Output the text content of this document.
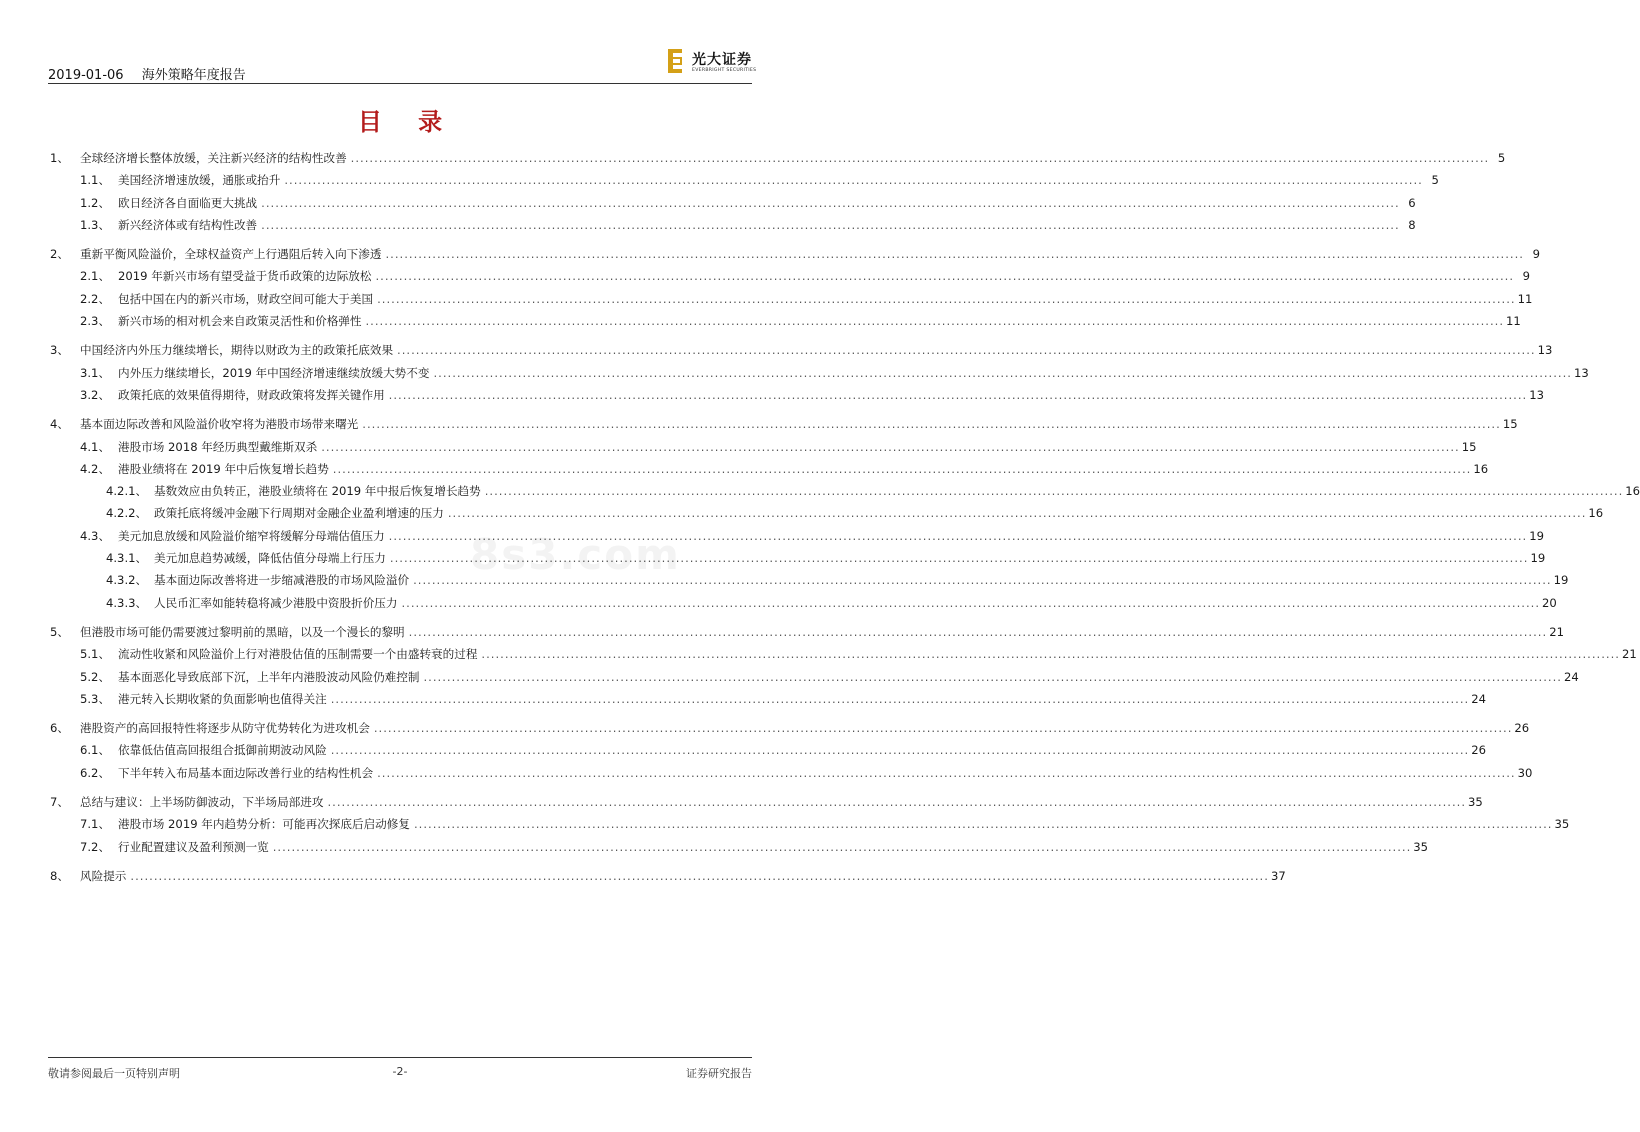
2019-01-06 海外策略年度报告
光大证券
EVERBRIGHT SECURITIES
目 录
8s3.com
1、 全球经济增长整体放缓，关注新兴经济的结构性改善 .....	5
1.1、 美国经济增速放缓，通胀或抬升 .....	5
1.2、 欧日经济各自面临更大挑战 .....	6
1.3、 新兴经济体或有结构性改善 .....	8
2、 重新平衡风险溢价，全球权益资产上行遇阻后转入向下渗透 .....	9
2.1、 2019 年新兴市场有望受益于货币政策的边际放松 .....	9
2.2、 包括中国在内的新兴市场，财政空间可能大于美国 .....	11
2.3、 新兴市场的相对机会来自政策灵活性和价格弹性 .....	11
3、 中国经济内外压力继续增长，期待以财政为主的政策托底效果 .....	13
3.1、 内外压力继续增长，2019 年中国经济增速继续放缓大势不变 .....	13
3.2、 政策托底的效果值得期待，财政政策将发挥关键作用 .....	13
4、 基本面边际改善和风险溢价收窄将为港股市场带来曙光 .....	15
4.1、 港股市场 2018 年经历典型戴维斯双杀 .....	15
4.2、 港股业绩将在 2019 年中后恢复增长趋势 .....	16
4.2.1、 基数效应由负转正，港股业绩将在 2019 年中报后恢复增长趋势 .....	16
4.2.2、 政策托底将缓冲金融下行周期对金融企业盈利增速的压力 .....	16
4.3、 美元加息放缓和风险溢价缩窄将缓解分母端估值压力 .....	19
4.3.1、 美元加息趋势减缓，降低估值分母端上行压力 .....	19
4.3.2、 基本面边际改善将进一步缩减港股的市场风险溢价 .....	19
4.3.3、 人民币汇率如能转稳将减少港股中资股折价压力 .....	20
5、 但港股市场可能仍需要渡过黎明前的黑暗，以及一个漫长的黎明 .....	21
5.1、 流动性收紧和风险溢价上行对港股估值的压制需要一个由盛转衰的过程 .....	21
5.2、 基本面恶化导致底部下沉，上半年内港股波动风险仍难控制 .....	24
5.3、 港元转入长期收紧的负面影响也值得关注 .....	24
6、 港股资产的高回报特性将逐步从防守优势转化为进攻机会 .....	26
6.1、 依靠低估值高回报组合抵御前期波动风险 .....	26
6.2、 下半年转入布局基本面边际改善行业的结构性机会 .....	30
7、 总结与建议：上半场防御波动，下半场局部进攻 .....	35
7.1、 港股市场 2019 年内趋势分析：可能再次探底后启动修复 .....	35
7.2、 行业配置建议及盈利预测一览 .....	35
8、 风险提示 .....	37
敬请参阅最后一页特别声明	-2-	证券研究报告
